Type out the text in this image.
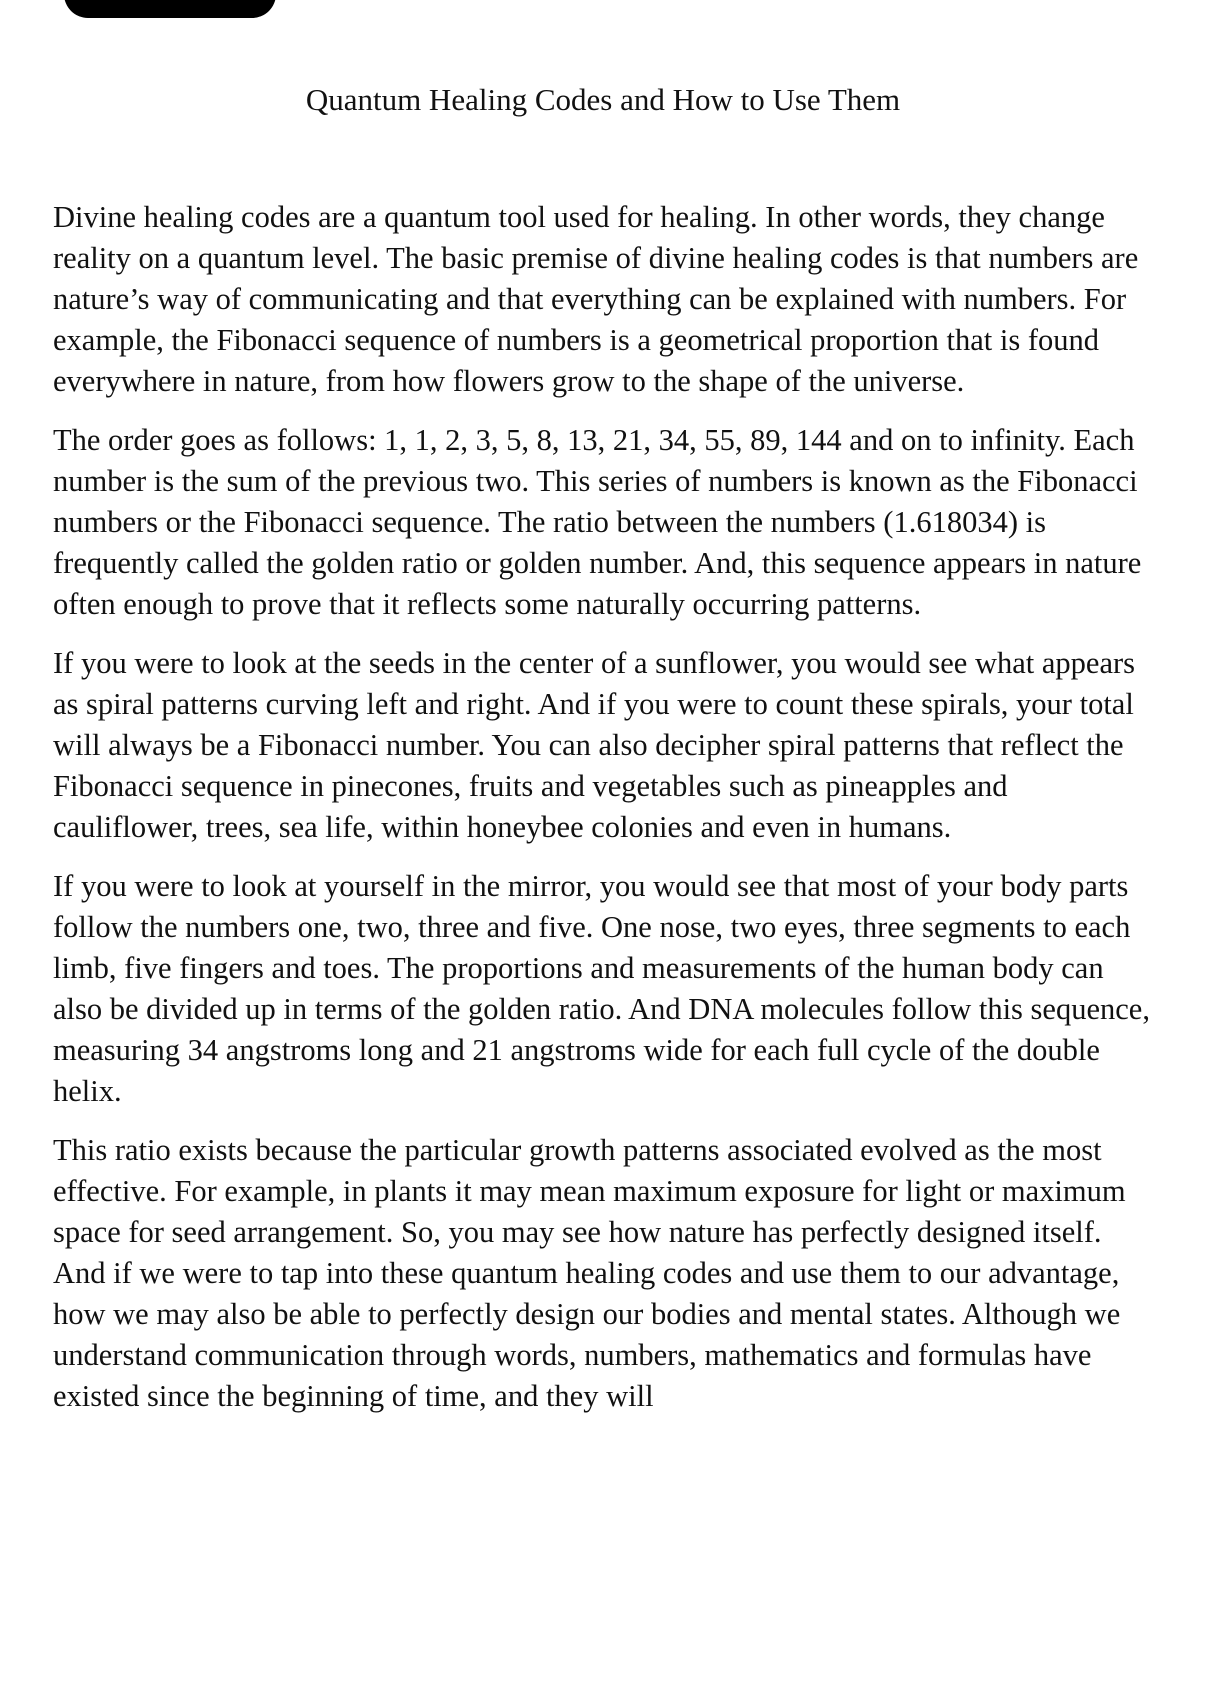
Quantum Healing Codes and How to Use Them

Divine healing codes are a quantum tool used for healing. In other words, they change reality on a quantum level. The basic premise of divine healing codes is that numbers are nature’s way of communicating and that everything can be explained with numbers. For example, the Fibonacci sequence of numbers is a geometrical proportion that is found everywhere in nature, from how flowers grow to the shape of the universe.

The order goes as follows: 1, 1, 2, 3, 5, 8, 13, 21, 34, 55, 89, 144 and on to infinity. Each number is the sum of the previous two. This series of numbers is known as the Fibonacci numbers or the Fibonacci sequence. The ratio between the numbers (1.618034) is frequently called the golden ratio or golden number. And, this sequence appears in nature often enough to prove that it reflects some naturally occurring patterns.

If you were to look at the seeds in the center of a sunflower, you would see what appears as spiral patterns curving left and right. And if you were to count these spirals, your total will always be a Fibonacci number. You can also decipher spiral patterns that reflect the Fibonacci sequence in pinecones, fruits and vegetables such as pineapples and cauliflower, trees, sea life, within honeybee colonies and even in humans.

If you were to look at yourself in the mirror, you would see that most of your body parts follow the numbers one, two, three and five. One nose, two eyes, three segments to each limb, five fingers and toes. The proportions and measurements of the human body can also be divided up in terms of the golden ratio. And DNA molecules follow this sequence, measuring 34 angstroms long and 21 angstroms wide for each full cycle of the double helix.

This ratio exists because the particular growth patterns associated evolved as the most effective. For example, in plants it may mean maximum exposure for light or maximum space for seed arrangement. So, you may see how nature has perfectly designed itself. And if we were to tap into these quantum healing codes and use them to our advantage, how we may also be able to perfectly design our bodies and mental states. Although we understand communication through words, numbers, mathematics and formulas have existed since the beginning of time, and they will
